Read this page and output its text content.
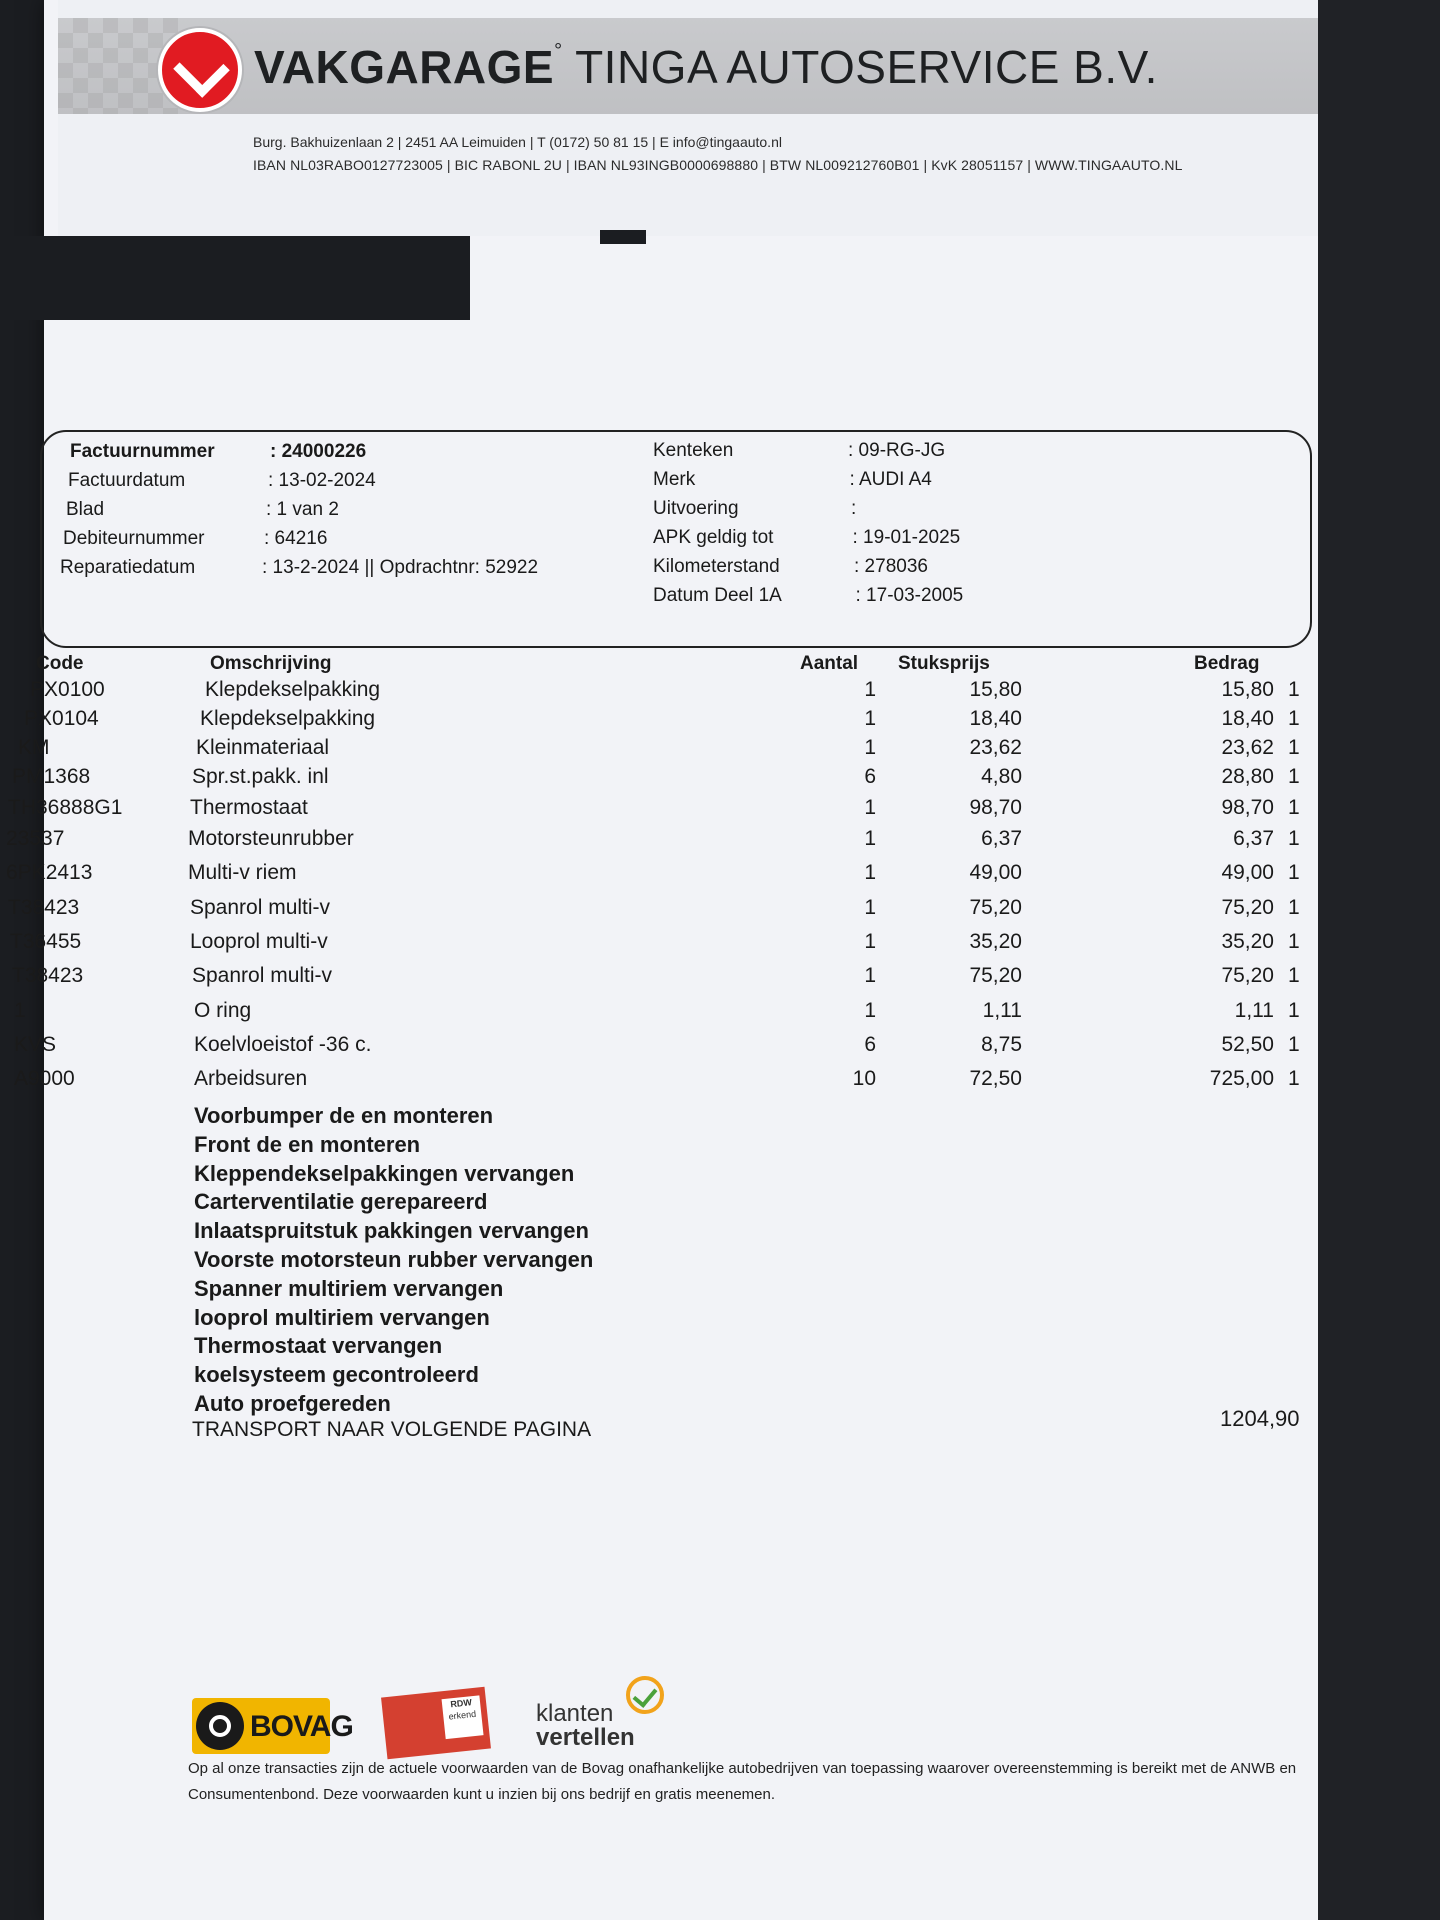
VAKGARAGE° TINGA AUTOSERVICE B.V.
Burg. Bakhuizenlaan 2 | 2451 AA Leimuiden | T (0172) 50 81 15 | E info@tingaauto.nl
IBAN NL03RABO0127723005 | BIC RABONL 2U | IBAN NL93INGB0000698880 | BTW NL009212760B01 | KvK 28051157 | WWW.TINGAAUTO.NL
Factuurnummer	: 24000226
Factuurdatum	: 13-02-2024
Blad	: 1 van 2
Debiteurnummer	: 64216
Reparatiedatum	: 13-2-2024 || Opdrachtnr: 52922
Kenteken	: 09-RG-JG
Merk	: AUDI A4
Uitvoering	:
APK geldig tot	: 19-01-2025
Kilometerstand	: 278036
Datum Deel 1A	: 17-03-2005
Code	Omschrijving	Aantal Stuksprijs	Bedrag
PX0100	Klepdekselpakking	1	15,80	15,80 1
PX0104	Klepdekselpakking	1	18,40	18,40 1
KM	Kleinmateriaal	1	23,62	23,62 1
PM1368	Spr.st.pakk. inl	6	4,80	28,80 1
TH36888G1	Thermostaat	1	98,70	98,70 1
23537	Motorsteunrubber	1	6,37	6,37 1
6PK2413	Multi-v riem	1	49,00	49,00 1
T38423	Spanrol multi-v	1	75,20	75,20 1
T36455	Looprol multi-v	1	35,20	35,20 1
T38423	Spanrol multi-v	1	75,20	75,20 1
1	O ring	1	1,11	1,11 1
KVS	Koelvloeistof -36 c.	6	8,75	52,50 1
A9000	Arbeidsuren	10	72,50	725,00 1
Voorbumper de en monteren
Front de en monteren
Kleppendekselpakkingen vervangen
Carterventilatie gerepareerd
Inlaatspruitstuk pakkingen vervangen
Voorste motorsteun rubber vervangen
Spanner multiriem vervangen
looprol multiriem vervangen
Thermostaat vervangen
koelsysteem gecontroleerd
Auto proefgereden
TRANSPORT NAAR VOLGENDE PAGINA	1204,90
BOVAG
RDW
erkend klanten
vertellen
Op al onze transacties zijn de actuele voorwaarden van de Bovag onafhankelijke autobedrijven van toepassing waarover overeenstemming is bereikt met de ANWB en
Consumentenbond. Deze voorwaarden kunt u inzien bij ons bedrijf en gratis meenemen.
